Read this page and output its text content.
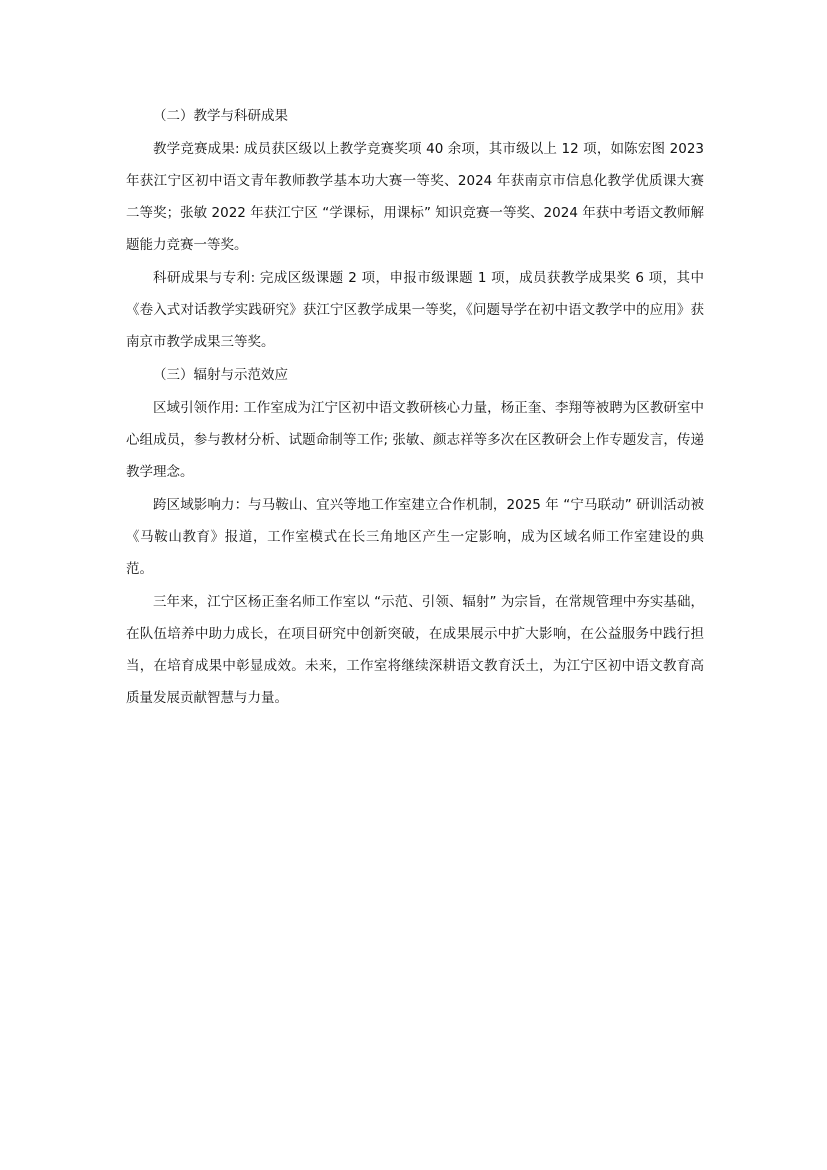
（二）教学与科研成果

教学竞赛成果: 成员获区级以上教学竞赛奖项 40 余项，其市级以上 12 项，如陈宏图 2023 年获江宁区初中语文青年教师教学基本功大赛一等奖、2024 年获南京市信息化教学优质课大赛二等奖；张敏 2022 年获江宁区 “学课标，用课标” 知识竞赛一等奖、2024 年获中考语文教师解题能力竞赛一等奖。

科研成果与专利: 完成区级课题 2 项，申报市级课题 1 项，成员获教学成果奖 6 项，其中《卷入式对话教学实践研究》获江宁区教学成果一等奖，《问题导学在初中语文教学中的应用》获南京市教学成果三等奖。

（三）辐射与示范效应

区域引领作用: 工作室成为江宁区初中语文教研核心力量，杨正奎、李翔等被聘为区教研室中心组成员，参与教材分析、试题命制等工作; 张敏、颜志祥等多次在区教研会上作专题发言，传递教学理念。

跨区域影响力：与马鞍山、宜兴等地工作室建立合作机制，2025 年 “宁马联动” 研训活动被《马鞍山教育》报道，工作室模式在长三角地区产生一定影响，成为区域名师工作室建设的典范。

三年来，江宁区杨正奎名师工作室以 “示范、引领、辐射” 为宗旨，在常规管理中夯实基础，在队伍培养中助力成长，在项目研究中创新突破，在成果展示中扩大影响，在公益服务中践行担当，在培育成果中彰显成效。未来，工作室将继续深耕语文教育沃土，为江宁区初中语文教育高质量发展贡献智慧与力量。
